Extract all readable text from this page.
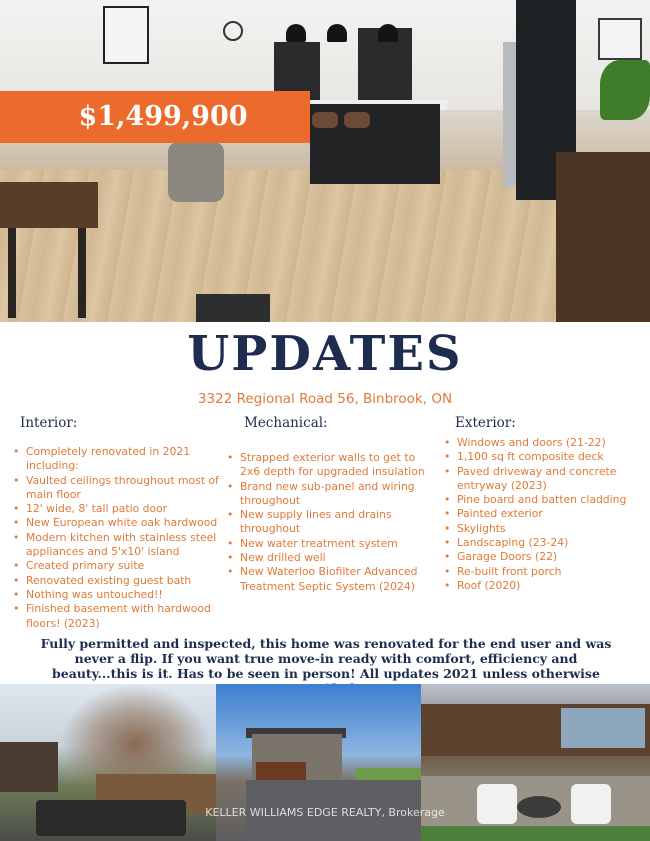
$1,499,900
UPDATES
3322 Regional Road 56, Binbrook, ON
Interior:
• Completely renovated in 2021 including:
• Vaulted ceilings throughout most of main floor
• 12' wide, 8' tall patio door
• New European white oak hardwood
• Modern kitchen with stainless steel appliances and 5'x10' island
• Created primary suite
• Renovated existing guest bath
• Nothing was untouched!!
• Finished basement with hardwood floors! (2023)
Mechanical:
• Strapped exterior walls to get to 2x6 depth for upgraded insulation
• Brand new sub-panel and wiring throughout
• New supply lines and drains throughout
• New water treatment system
• New drilled well
• New Waterloo Biofilter Advanced Treatment Septic System (2024)
Exterior:
• Windows and doors (21-22)
• 1,100 sq ft composite deck
• Paved driveway and concrete entryway (2023)
• Pine board and batten cladding
• Painted exterior
• Skylights
• Landscaping (23-24)
• Garage Doors (22)
• Re-built front porch
• Roof (2020)
Fully permitted and inspected, this home was renovated for the end user and was never a flip. If you want true move-in ready with comfort, efficiency and beauty...this is it. Has to be seen in person! All updates 2021 unless otherwise
KELLER WILLIAMS EDGE REALTY, Brokerage
